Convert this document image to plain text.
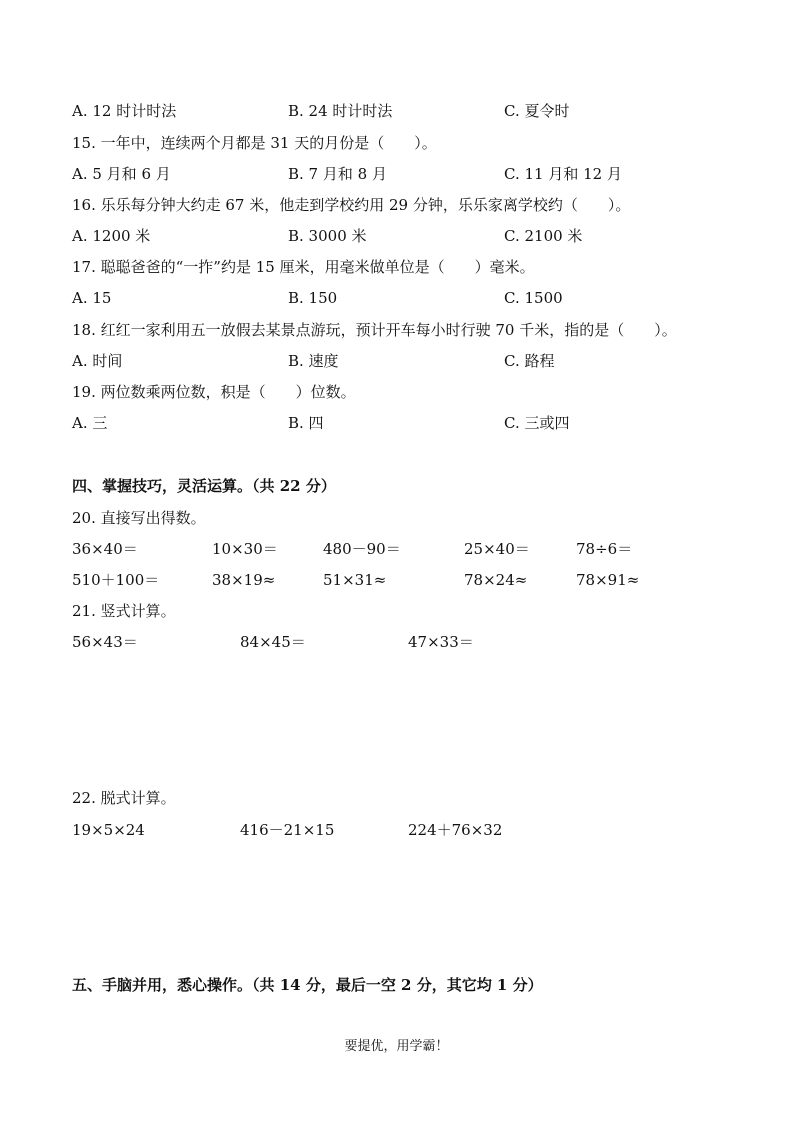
A. 12 时计时法	B. 24 时计时法	C. 夏令时
15. 一年中，连续两个月都是 31 天的月份是（　　）。
A. 5 月和 6 月	B. 7 月和 8 月	C. 11 月和 12 月
16. 乐乐每分钟大约走 67 米，他走到学校约用 29 分钟，乐乐家离学校约（　　）。
A. 1200 米	B. 3000 米	C. 2100 米
17. 聪聪爸爸的“一拃”约是 15 厘米，用毫米做单位是（　　）毫米。
A. 15	B. 150	C. 1500
18. 红红一家利用五一放假去某景点游玩，预计开车每小时行驶 70 千米，指的是（　　）。
A. 时间	B. 速度	C. 路程
19. 两位数乘两位数，积是（　　）位数。
A. 三	B. 四	C. 三或四
四、掌握技巧，灵活运算。（共 22 分）
20. 直接写出得数。
36×40＝	10×30＝	480－90＝	25×40＝	78÷6＝
510＋100＝	38×19≈	51×31≈	78×24≈	78×91≈
21. 竖式计算。
56×43＝	84×45＝	47×33＝
22. 脱式计算。
19×5×24	416－21×15	224＋76×32
五、手脑并用，悉心操作。（共 14 分，最后一空 2 分，其它均 1 分）
要提优，用学霸！
